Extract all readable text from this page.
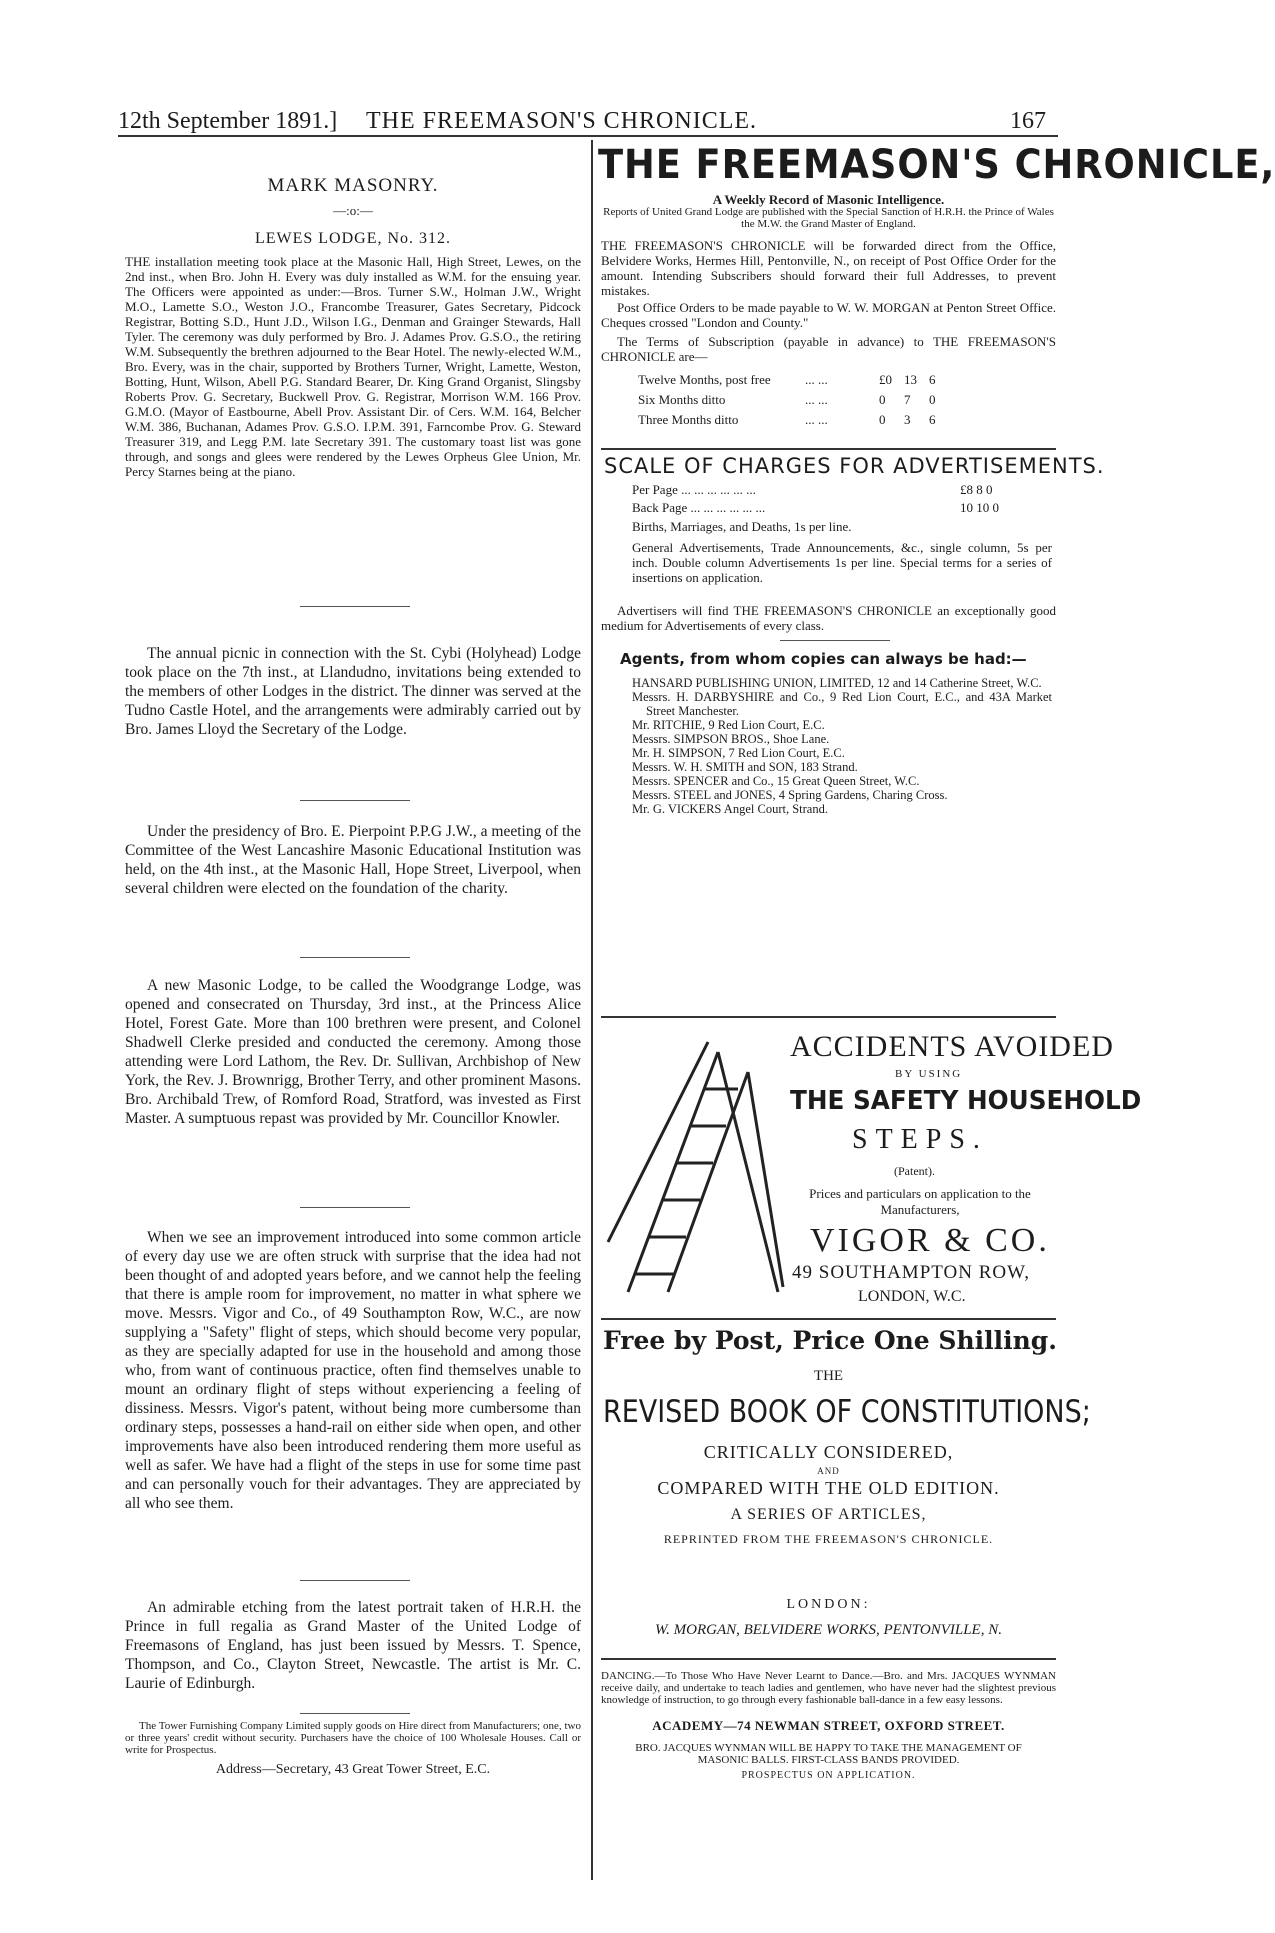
12th September 1891.] THE FREEMASON'S CHRONICLE.	167
MARK MASONRY.
—:o:—
LEWES LODGE, No. 312.

THE installation meeting took place at the Masonic Hall, High Street, Lewes, on the 2nd inst., when Bro. John H. Every was duly installed as W.M. for the ensuing year. The Officers were appointed as under:—Bros. Turner S.W., Holman J.W., Wright M.O., Lamette S.O., Weston J.O., Francombe Treasurer, Gates Secretary, Pidcock Registrar, Botting S.D., Hunt J.D., Wilson I.G., Denman and Grainger Stewards, Hall Tyler. The ceremony was duly performed by Bro. J. Adames Prov. G.S.O., the retiring W.M. Subsequently the brethren adjourned to the Bear Hotel. The newly-elected W.M., Bro. Every, was in the chair, supported by Brothers Turner, Wright, Lamette, Weston, Botting, Hunt, Wilson, Abell P.G. Standard Bearer, Dr. King Grand Organist, Slingsby Roberts Prov. G. Secretary, Buckwell Prov. G. Registrar, Morrison W.M. 166 Prov. G.M.O. (Mayor of Eastbourne, Abell Prov. Assistant Dir. of Cers. W.M. 164, Belcher W.M. 386, Buchanan, Adames Prov. G.S.O. I.P.M. 391, Farncombe Prov. G. Steward Treasurer 319, and Legg P.M. late Secretary 391. The customary toast list was gone through, and songs and glees were rendered by the Lewes Orpheus Glee Union, Mr. Percy Starnes being at the piano.

The annual picnic in connection with the St. Cybi (Holyhead) Lodge took place on the 7th inst., at Llandudno, invitations being extended to the members of other Lodges in the district. The dinner was served at the Tudno Castle Hotel, and the arrangements were admirably carried out by Bro. James Lloyd the Secretary of the Lodge.

Under the presidency of Bro. E. Pierpoint P.P.G J.W., a meeting of the Committee of the West Lancashire Masonic Educational Institution was held, on the 4th inst., at the Masonic Hall, Hope Street, Liverpool, when several children were elected on the foundation of the charity.

A new Masonic Lodge, to be called the Woodgrange Lodge, was opened and consecrated on Thursday, 3rd inst., at the Princess Alice Hotel, Forest Gate. More than 100 brethren were present, and Colonel Shadwell Clerke presided and conducted the ceremony. Among those attending were Lord Lathom, the Rev. Dr. Sullivan, Archbishop of New York, the Rev. J. Brownrigg, Brother Terry, and other prominent Masons. Bro. Archibald Trew, of Romford Road, Stratford, was invested as First Master. A sumptuous repast was provided by Mr. Councillor Knowler.

When we see an improvement introduced into some common article of every day use we are often struck with surprise that the idea had not been thought of and adopted years before, and we cannot help the feeling that there is ample room for improvement, no matter in what sphere we move. Messrs. Vigor and Co., of 49 Southampton Row, W.C., are now supplying a "Safety" flight of steps, which should become very popular, as they are specially adapted for use in the household and among those who, from want of continuous practice, often find themselves unable to mount an ordinary flight of steps without experiencing a feeling of dissiness. Messrs. Vigor's patent, without being more cumbersome than ordinary steps, possesses a hand-rail on either side when open, and other improvements have also been introduced rendering them more useful as well as safer. We have had a flight of the steps in use for some time past and can personally vouch for their advantages. They are appreciated by all who see them.

An admirable etching from the latest portrait taken of H.R.H. the Prince in full regalia as Grand Master of the United Lodge of Freemasons of England, has just been issued by Messrs. T. Spence, Thompson, and Co., Clayton Street, Newcastle. The artist is Mr. C. Laurie of Edinburgh.

The Tower Furnishing Company Limited supply goods on Hire direct from Manufacturers; one, two or three years' credit without security. Purchasers have the choice of 100 Wholesale Houses. Call or write for Prospectus.

Address—Secretary, 43 Great Tower Street, E.C.
THE FREEMASON'S CHRONICLE,
A Weekly Record of Masonic Intelligence.

Reports of United Grand Lodge are published with the Special Sanction of H.R.H. the Prince of Wales the M.W. the Grand Master of England.

THE FREEMASON'S CHRONICLE will be forwarded direct from the Office, Belvidere Works, Hermes Hill, Pentonville, N., on receipt of Post Office Order for the amount. Intending Subscribers should forward their full Addresses, to prevent mistakes.

Post Office Orders to be made payable to W. W. MORGAN at Penton Street Office. Cheques crossed "London and County."

The Terms of Subscription (payable in advance) to THE FREEMASON'S CHRONICLE are—

Twelve Months, post free	... ...	£0	13	6
Six Months ditto	... ...	0	7	0
Three Months ditto	... ...	0	3	6
SCALE OF CHARGES FOR ADVERTISEMENTS.
Per Page ... ... ... ... ... ...	£8 8 0
Back Page ... ... ... ... ... ...	10 10 0
Births, Marriages, and Deaths, 1s per line.

General Advertisements, Trade Announcements, &c., single column, 5s per inch. Double column Advertisements 1s per line. Special terms for a series of insertions on application.

Advertisers will find THE FREEMASON'S CHRONICLE an exceptionally good medium for Advertisements of every class.

Agents, from whom copies can always be had:—
HANSARD PUBLISHING UNION, LIMITED, 12 and 14 Catherine Street, W.C.
Messrs. H. DARBYSHIRE and Co., 9 Red Lion Court, E.C., and 43A Market Street Manchester.
Mr. RITCHIE, 9 Red Lion Court, E.C.
Messrs. SIMPSON BROS., Shoe Lane.
Mr. H. SIMPSON, 7 Red Lion Court, E.C.
Messrs. W. H. SMITH and SON, 183 Strand.
Messrs. SPENCER and Co., 15 Great Queen Street, W.C.
Messrs. STEEL and JONES, 4 Spring Gardens, Charing Cross.
Mr. G. VICKERS Angel Court, Strand.
ACCIDENTS AVOIDED
BY USING
THE SAFETY HOUSEHOLD
STEPS.
(Patent).
Prices and particulars on application to the Manufacturers,
VIGOR & CO.
49 SOUTHAMPTON ROW,
LONDON, W.C.
Free by Post, Price One Shilling.
THE
REVISED BOOK OF CONSTITUTIONS;
CRITICALLY CONSIDERED,
AND
COMPARED WITH THE OLD EDITION.
A SERIES OF ARTICLES,
REPRINTED FROM THE FREEMASON'S CHRONICLE.
LONDON:
W. MORGAN, BELVIDERE WORKS, PENTONVILLE, N.

DANCING.—To Those Who Have Never Learnt to Dance.—Bro. and Mrs. JACQUES WYNMAN receive daily, and undertake to teach ladies and gentlemen, who have never had the slightest previous knowledge of instruction, to go through every fashionable ball-dance in a few easy lessons.

ACADEMY—74 NEWMAN STREET, OXFORD STREET.

BRO. JACQUES WYNMAN WILL BE HAPPY TO TAKE THE MANAGEMENT OF MASONIC BALLS. FIRST-CLASS BANDS PROVIDED.

PROSPECTUS ON APPLICATION.
